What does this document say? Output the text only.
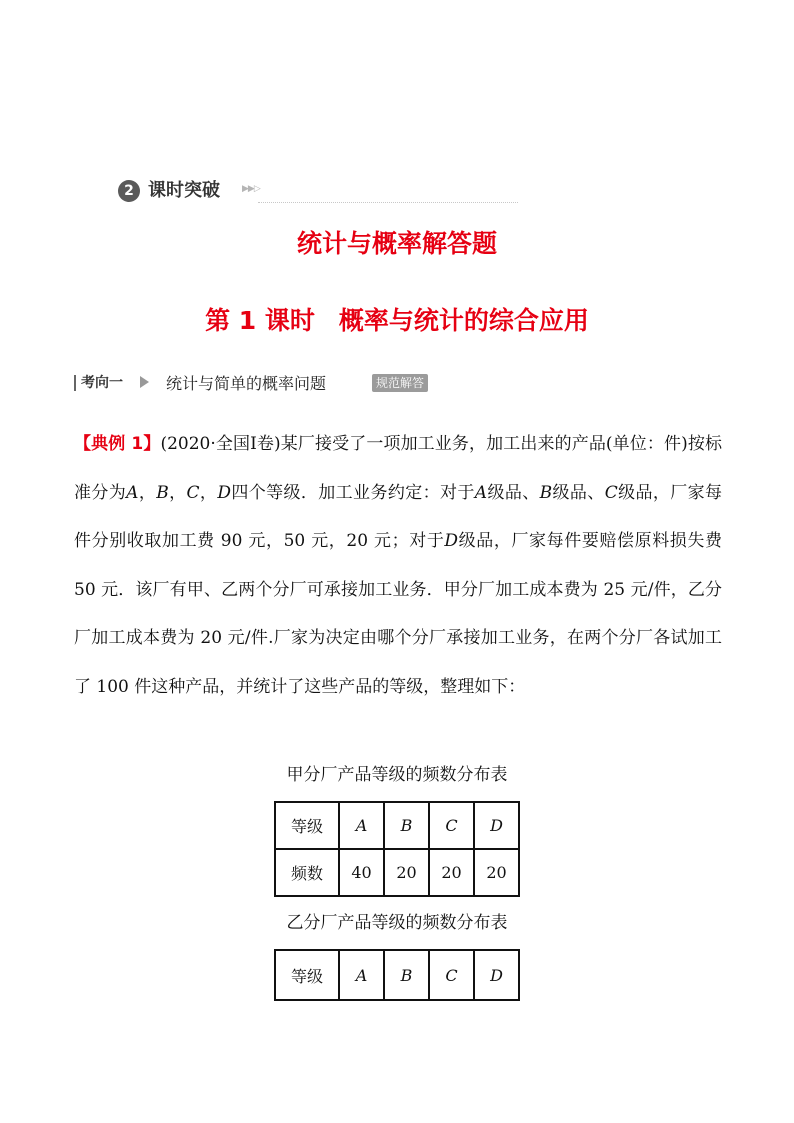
2 课时突破 ▶▶▷
统计与概率解答题
第 1 课时 概率与统计的综合应用
考向一	统计与简单的概率问题	规范解答
【典例 1】(2020·全国Ⅰ卷)某厂接受了一项加工业务，加工出来的产品(单位：件)按标准分为A，B，C，D四个等级．加工业务约定：对于A级品、B级品、C级品，厂家每件分别收取加工费 90 元，50 元，20 元；对于D级品，厂家每件要赔偿原料损失费 50 元．该厂有甲、乙两个分厂可承接加工业务．甲分厂加工成本费为 25 元/件，乙分厂加工成本费为 20 元/件.厂家为决定由哪个分厂承接加工业务，在两个分厂各试加工了 100 件这种产品，并统计了这些产品的等级，整理如下：
甲分厂产品等级的频数分布表
等级	A	B	C	D
频数	40	20	20	20
乙分厂产品等级的频数分布表
等级	A	B	C	D
